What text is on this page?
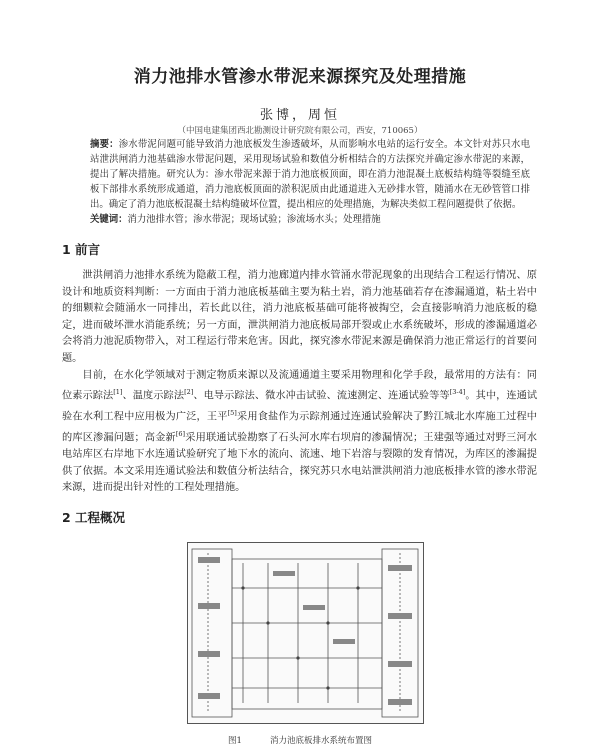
消力池排水管渗水带泥来源探究及处理措施
张博，周恒
（中国电建集团西北勘测设计研究院有限公司，西安，710065）
摘要：渗水带泥问题可能导致消力池底板发生渗透破坏，从而影响水电站的运行安全。本文针对苏只水电站泄洪闸消力池基础渗水带泥问题，采用现场试验和数值分析相结合的方法探究并确定渗水带泥的来源，提出了解决措施。研究认为：渗水带泥来源于消力池底板顶面，即在消力池混凝土底板结构缝等裂缝至底板下部排水系统形成通道，消力池底板顶面的淤积泥质由此通道进入无砂排水管，随涌水在无砂管管口排出。确定了消力池底板混凝土结构缝破坏位置，提出相应的处理措施，为解决类似工程问题提供了依据。
关键词：消力池排水管；渗水带泥；现场试验；渗流场水头；处理措施
1 前言

泄洪闸消力池排水系统为隐蔽工程，消力池廊道内排水管涌水带泥现象的出现结合工程运行情况、原设计和地质资料判断：一方面由于消力池底板基础主要为粘土岩，消力池基础若存在渗漏通道，粘土岩中的细颗粒会随涌水一同排出，若长此以往，消力池底板基础可能将被掏空，会直接影响消力池底板的稳定，进而破坏泄水消能系统；另一方面，泄洪闸消力池底板局部开裂或止水系统破坏，形成的渗漏通道必会将消力池泥质物带入，对工程运行带来危害。因此，探究渗水带泥来源是确保消力池正常运行的首要问题。

目前，在水化学领域对于测定物质来源以及流通通道主要采用物理和化学手段，最常用的方法有：同位素示踪法[1]、温度示踪法[2]、电导示踪法、微水冲击试验、流速测定、连通试验等等[3-4]。其中，连通试验在水利工程中应用极为广泛，王平[5]采用食盐作为示踪剂通过连通试验解决了黔江城北水库施工过程中的库区渗漏问题；高金新[6]采用联通试验勘察了石头河水库右坝肩的渗漏情况；王建强等通过对野三河水电站库区右岸地下水连通试验研究了地下水的流向、流速、地下岩溶与裂隙的发育情况，为库区的渗漏提供了依据。本文采用连通试验法和数值分析法结合，探究苏只水电站泄洪闸消力池底板排水管的渗水带泥来源，进而提出针对性的工程处理措施。

2 工程概况
图1	消力池底板排水系统布置图
